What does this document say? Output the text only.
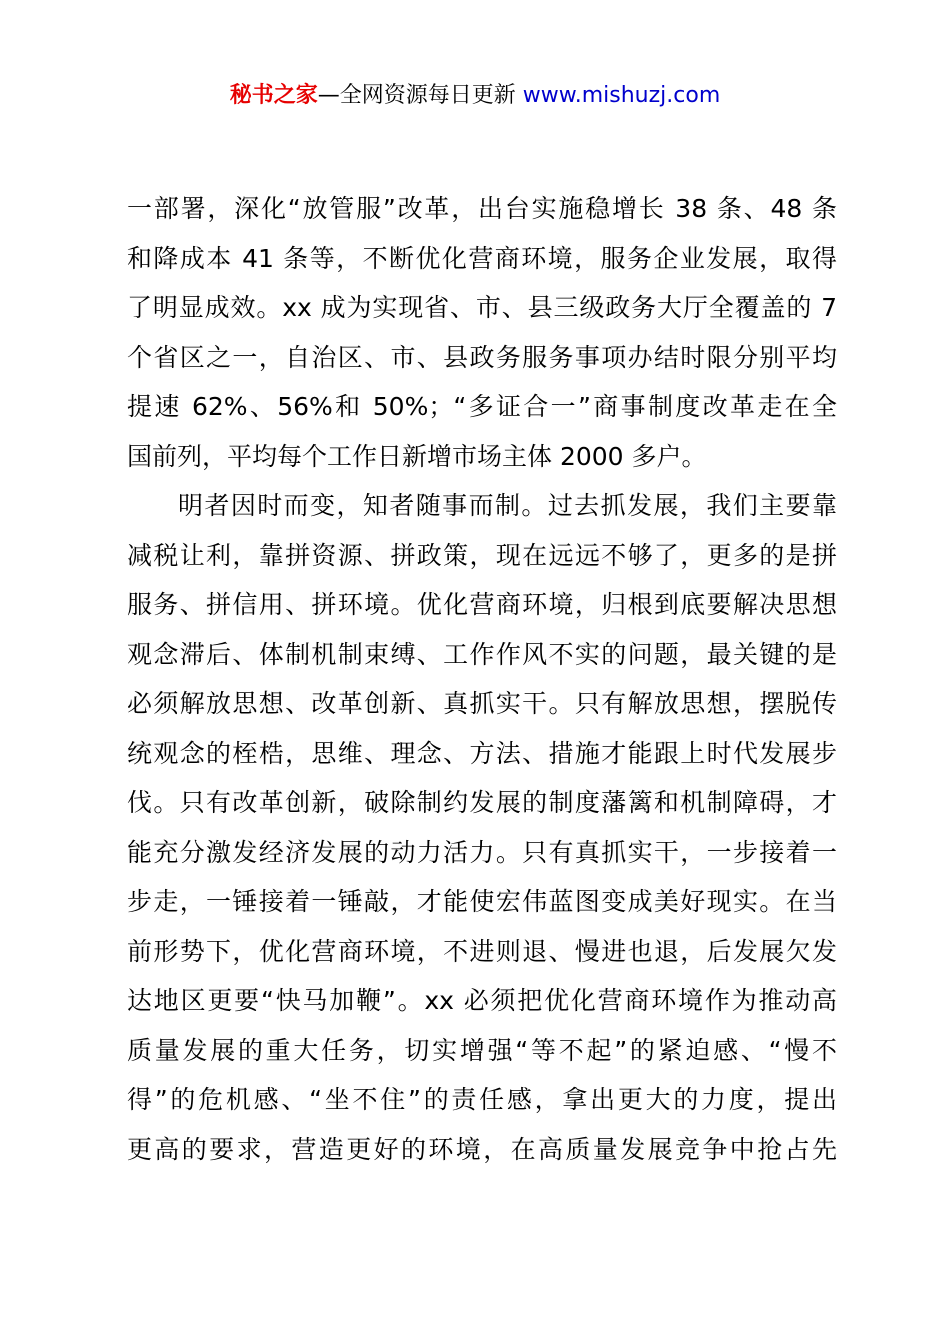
秘书之家—全网资源每日更新 www.mishuzj.com
一部署，深化“放管服”改革，出台实施稳增长 38 条、48 条
和降成本 41 条等，不断优化营商环境，服务企业发展，取得
了明显成效。xx 成为实现省、市、县三级政务大厅全覆盖的 7
个省区之一，自治区、市、县政务服务事项办结时限分别平均
提速 62%、56%和 50%；“多证合一”商事制度改革走在全
国前列，平均每个工作日新增市场主体 2000 多户。
明者因时而变，知者随事而制。过去抓发展，我们主要靠
减税让利，靠拼资源、拼政策，现在远远不够了，更多的是拼
服务、拼信用、拼环境。优化营商环境，归根到底要解决思想
观念滞后、体制机制束缚、工作作风不实的问题，最关键的是
必须解放思想、改革创新、真抓实干。只有解放思想，摆脱传
统观念的桎梏，思维、理念、方法、措施才能跟上时代发展步
伐。只有改革创新，破除制约发展的制度藩篱和机制障碍，才
能充分激发经济发展的动力活力。只有真抓实干，一步接着一
步走，一锤接着一锤敲，才能使宏伟蓝图变成美好现实。在当
前形势下，优化营商环境，不进则退、慢进也退，后发展欠发
达地区更要“快马加鞭”。xx 必须把优化营商环境作为推动高
质量发展的重大任务，切实增强“等不起”的紧迫感、“慢不
得”的危机感、“坐不住”的责任感，拿出更大的力度，提出
更高的要求，营造更好的环境，在高质量发展竞争中抢占先
